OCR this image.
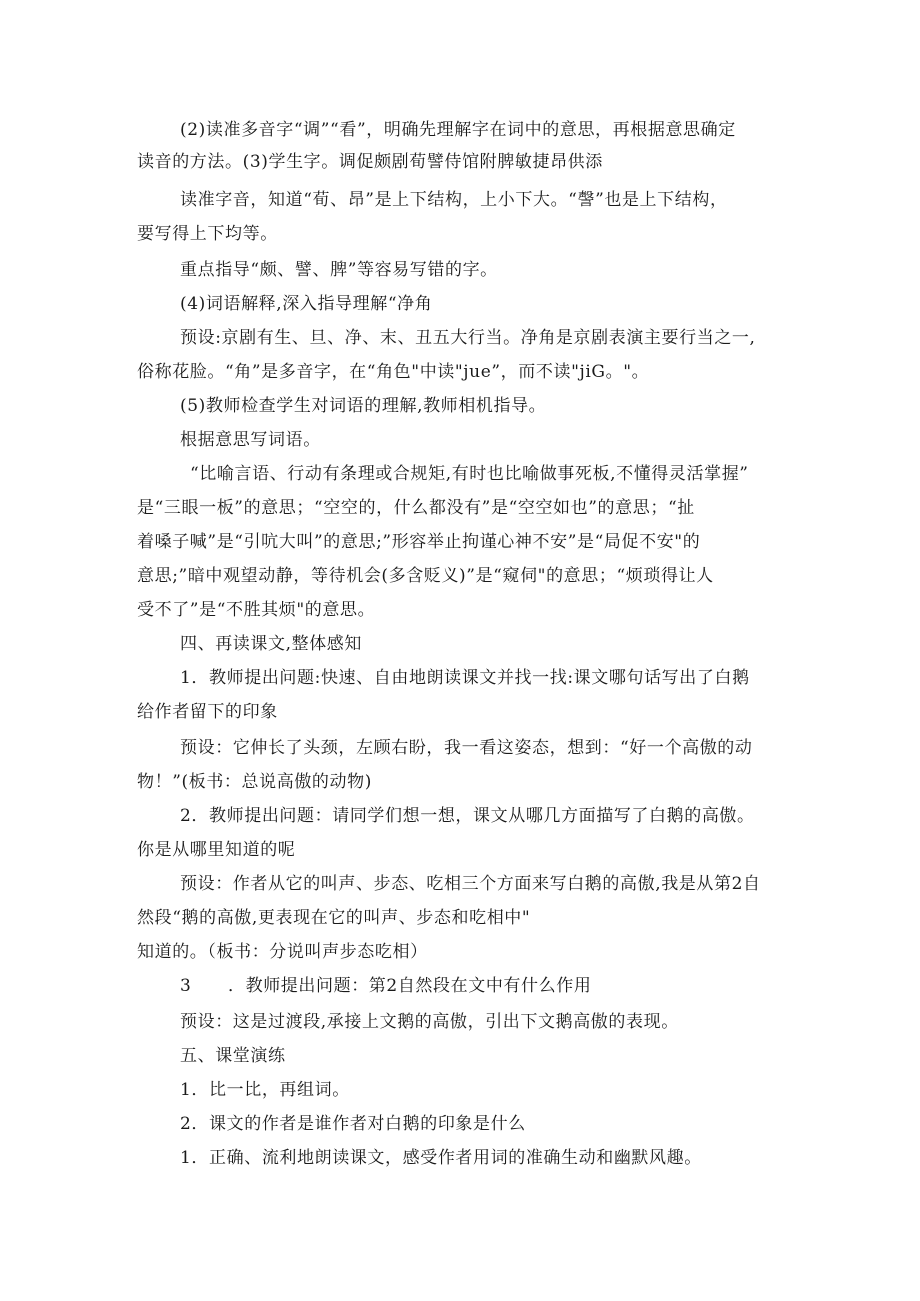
(2)读准多音字“调”“看”，明确先理解字在词中的意思，再根据意思确定
读音的方法。(3)学生字。调促颇剧荀譬侍馆附脾敏捷昂供添
读准字音，知道“荀、昂”是上下结构，上小下大。“謦”也是上下结构，
要写得上下均等。
重点指导“颇、譬、脾”等容易写错的字。
(4)词语解释,深入指导理解“净角
预设:京剧有生、旦、净、末、丑五大行当。净角是京剧表演主要行当之一,
俗称花脸。“角”是多音字，在“角色"中读"jue”，而不读"jiG。"。
(5)教师检查学生对词语的理解,教师相机指导。
根据意思写词语。
“比喻言语、行动有条理或合规矩,有时也比喻做事死板,不懂得灵活掌握”
是“三眼一板”的意思；“空空的，什么都没有”是“空空如也”的意思；“扯
着嗓子喊”是“引吭大叫”的意思;”形容举止拘谨心神不安”是“局促不安"的
意思;”暗中观望动静，等待机会(多含贬义)”是“窥伺"的意思；“烦琐得让人
受不了”是“不胜其烦"的意思。
四、再读课文,整体感知
1．教师提出问题:快速、自由地朗读课文并找一找:课文哪句话写出了白鹅
给作者留下的印象
预设：它伸长了头颈，左顾右盼，我一看这姿态，想到：“好一个高傲的动
物！”(板书：总说高傲的动物)
2．教师提出问题：请同学们想一想，课文从哪几方面描写了白鹅的高傲。
你是从哪里知道的呢
预设：作者从它的叫声、步态、吃相三个方面来写白鹅的高傲,我是从第2自
然段“鹅的高傲,更表现在它的叫声、步态和吃相中"
知道的。（板书：分说叫声步态吃相）
3 ．教师提出问题：第2自然段在文中有什么作用
预设：这是过渡段,承接上文鹅的高傲，引出下文鹅高傲的表现。
五、课堂演练
1．比一比，再组词。
2．课文的作者是谁作者对白鹅的印象是什么
1．正确、流利地朗读课文，感受作者用词的准确生动和幽默风趣。
